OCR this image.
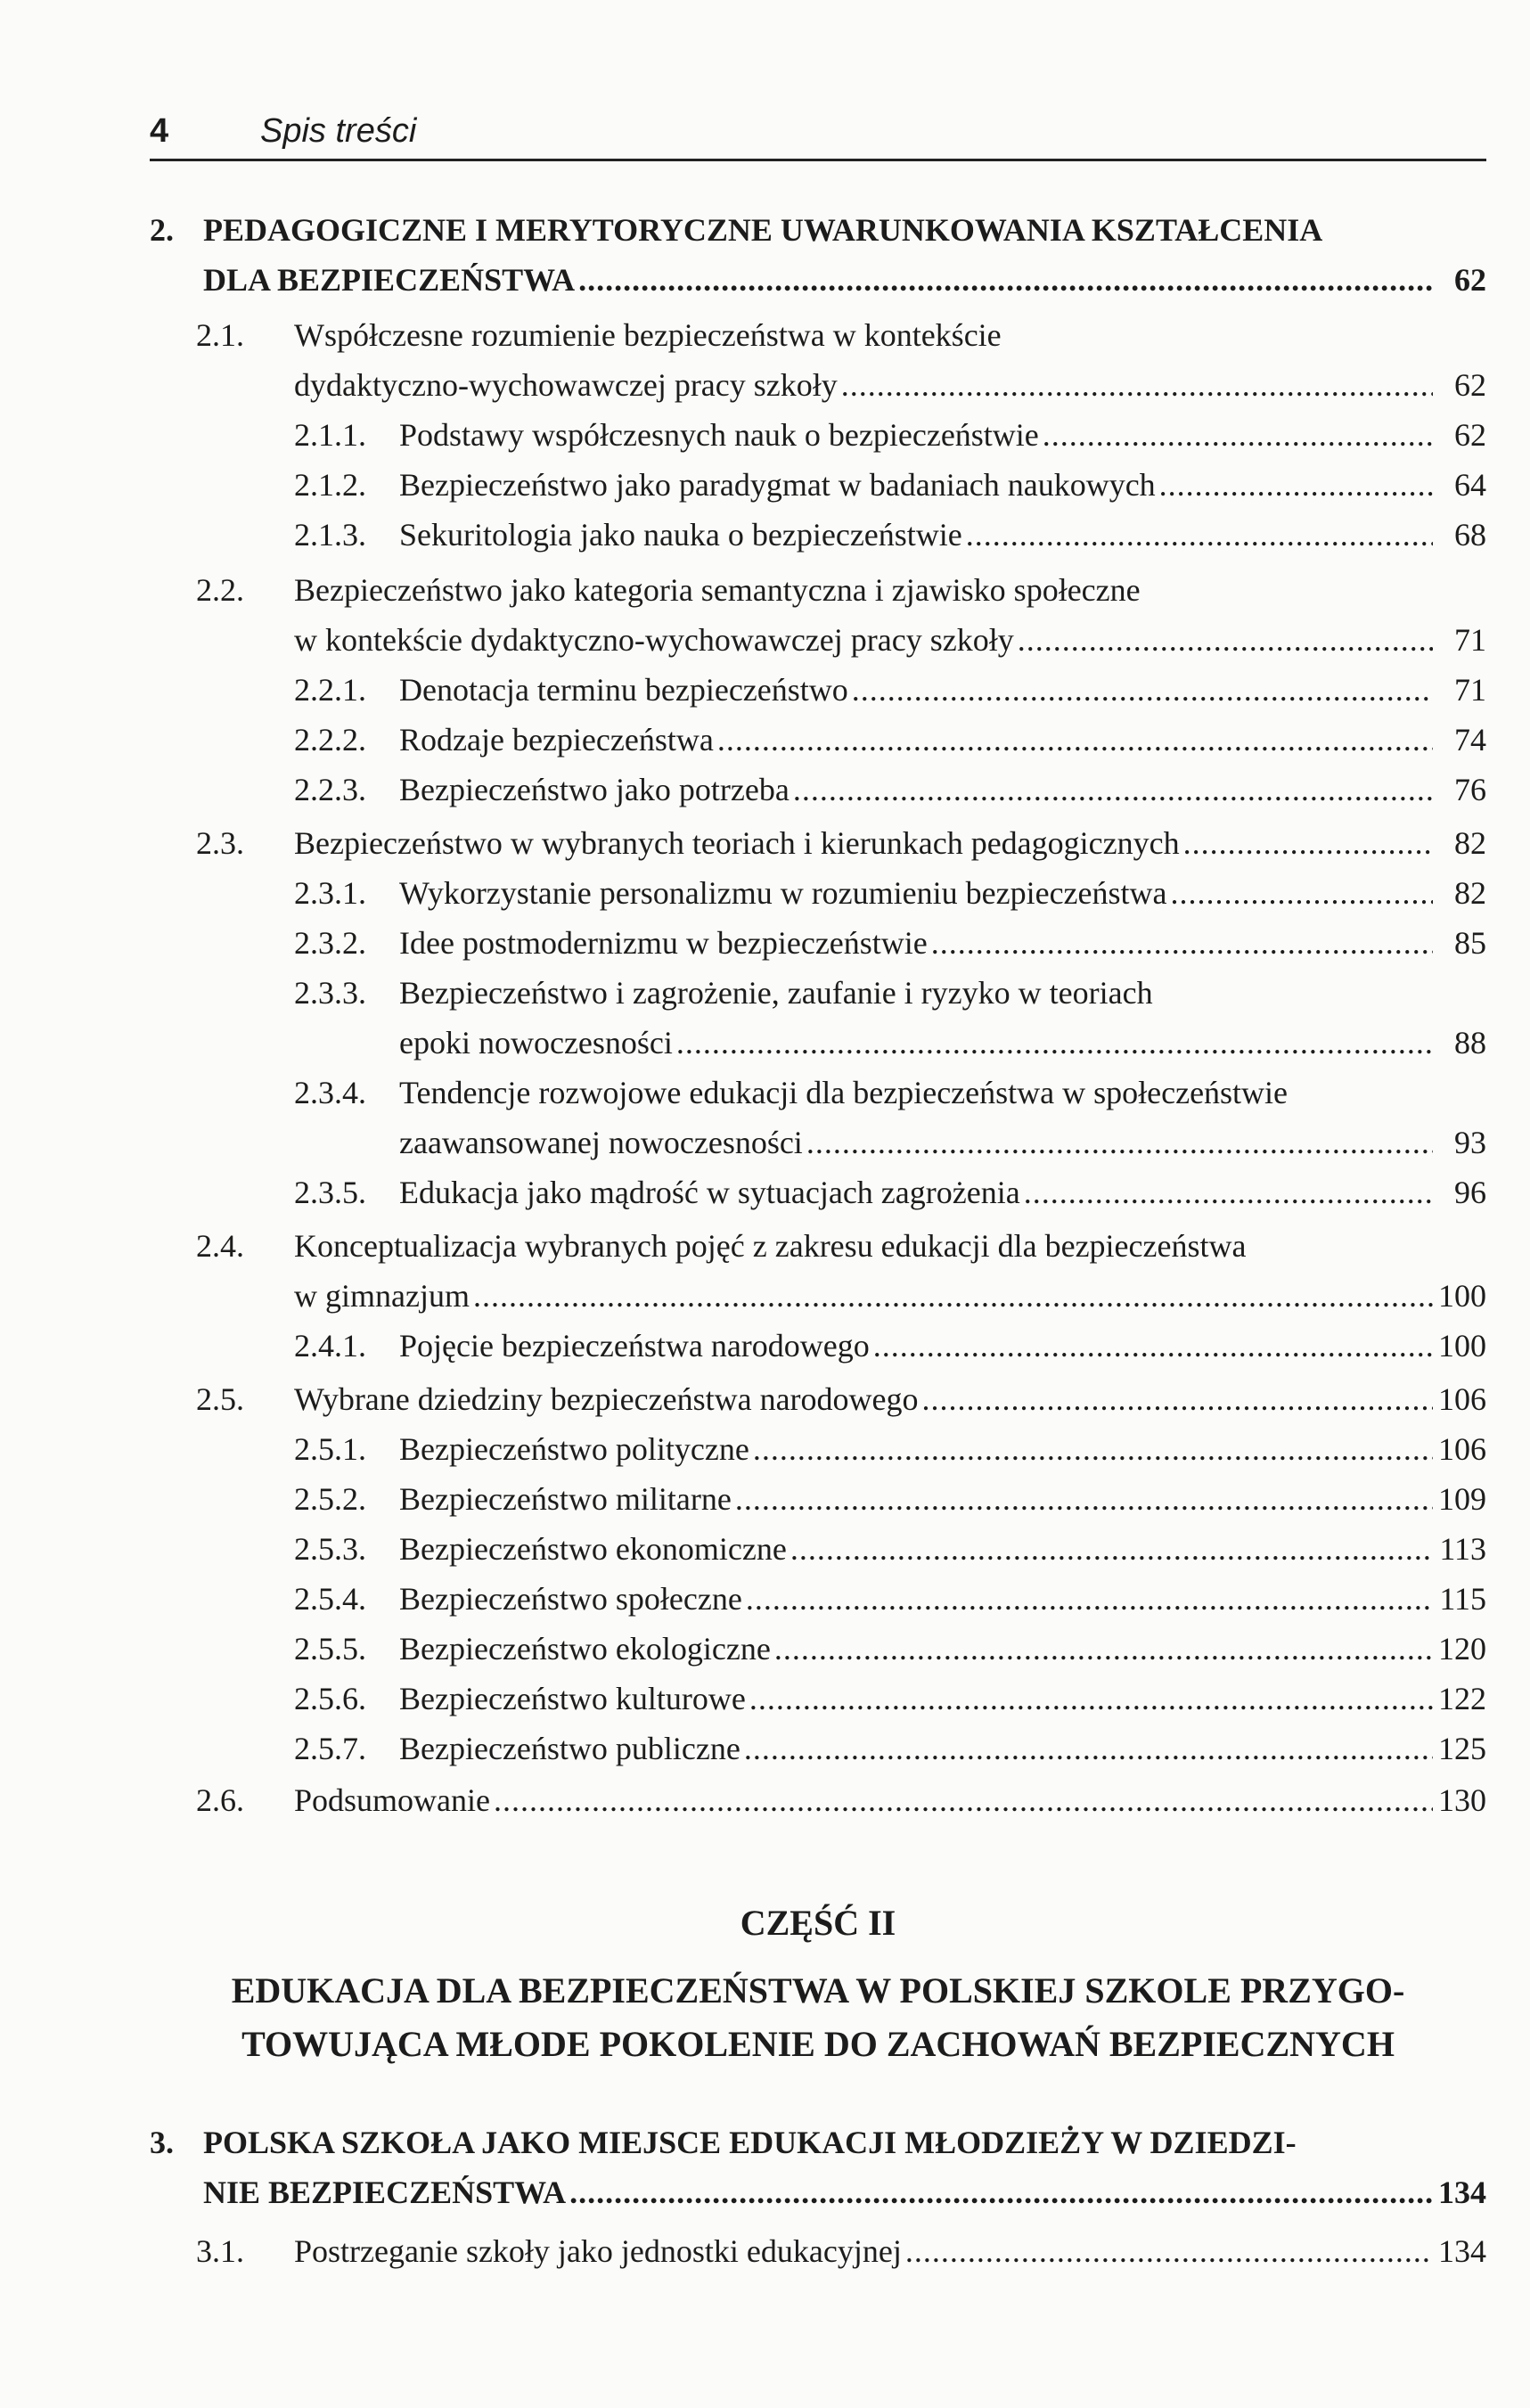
4	Spis treści
2. PEDAGOGICZNE I MERYTORYCZNE UWARUNKOWANIA KSZTAŁCENIA
DLA BEZPIECZEŃSTWA .....	62
2.1. Współczesne rozumienie bezpieczeństwa w kontekście
dydaktyczno-wychowawczej pracy szkoły .....	62
2.1.1.	Podstawy współczesnych nauk o bezpieczeństwie .....	62
2.1.2.	Bezpieczeństwo jako paradygmat w badaniach naukowych .....	64
2.1.3.	Sekuritologia jako nauka o bezpieczeństwie .....	68
2.2. Bezpieczeństwo jako kategoria semantyczna i zjawisko społeczne
w kontekście dydaktyczno-wychowawczej pracy szkoły .....	71
2.2.1.	Denotacja terminu bezpieczeństwo .....	71
2.2.2.	Rodzaje bezpieczeństwa .....	74
2.2.3.	Bezpieczeństwo jako potrzeba .....	76
2.3.	Bezpieczeństwo w wybranych teoriach i kierunkach pedagogicznych .....	82
2.3.1.	Wykorzystanie personalizmu w rozumieniu bezpieczeństwa .....	82
2.3.2.	Idee postmodernizmu w bezpieczeństwie .....	85
2.3.3.	Bezpieczeństwo i zagrożenie, zaufanie i ryzyko w teoriach
epoki nowoczesności .....	88
2.3.4.	Tendencje rozwojowe edukacji dla bezpieczeństwa w społeczeństwie
zaawansowanej nowoczesności .....	93
2.3.5.	Edukacja jako mądrość w sytuacjach zagrożenia .....	96
2.4. Konceptualizacja wybranych pojęć z zakresu edukacji dla bezpieczeństwa
w gimnazjum .....	100
2.4.1.	Pojęcie bezpieczeństwa narodowego .....	100
2.5.	Wybrane dziedziny bezpieczeństwa narodowego .....	106
2.5.1.	Bezpieczeństwo polityczne .....	106
2.5.2.	Bezpieczeństwo militarne .....	109
2.5.3.	Bezpieczeństwo ekonomiczne .....	113
2.5.4.	Bezpieczeństwo społeczne .....	115
2.5.5.	Bezpieczeństwo ekologiczne .....	120
2.5.6.	Bezpieczeństwo kulturowe .....	122
2.5.7.	Bezpieczeństwo publiczne .....	125
2.6.	Podsumowanie .....	130
CZĘŚĆ II
EDUKACJA DLA BEZPIECZEŃSTWA W POLSKIEJ SZKOLE PRZYGO-
TOWUJĄCA MŁODE POKOLENIE DO ZACHOWAŃ BEZPIECZNYCH
3. POLSKA SZKOŁA JAKO MIEJSCE EDUKACJI MŁODZIEŻY W DZIEDZI-
NIE BEZPIECZEŃSTWA .....	134
3.1.	Postrzeganie szkoły jako jednostki edukacyjnej .....	134
